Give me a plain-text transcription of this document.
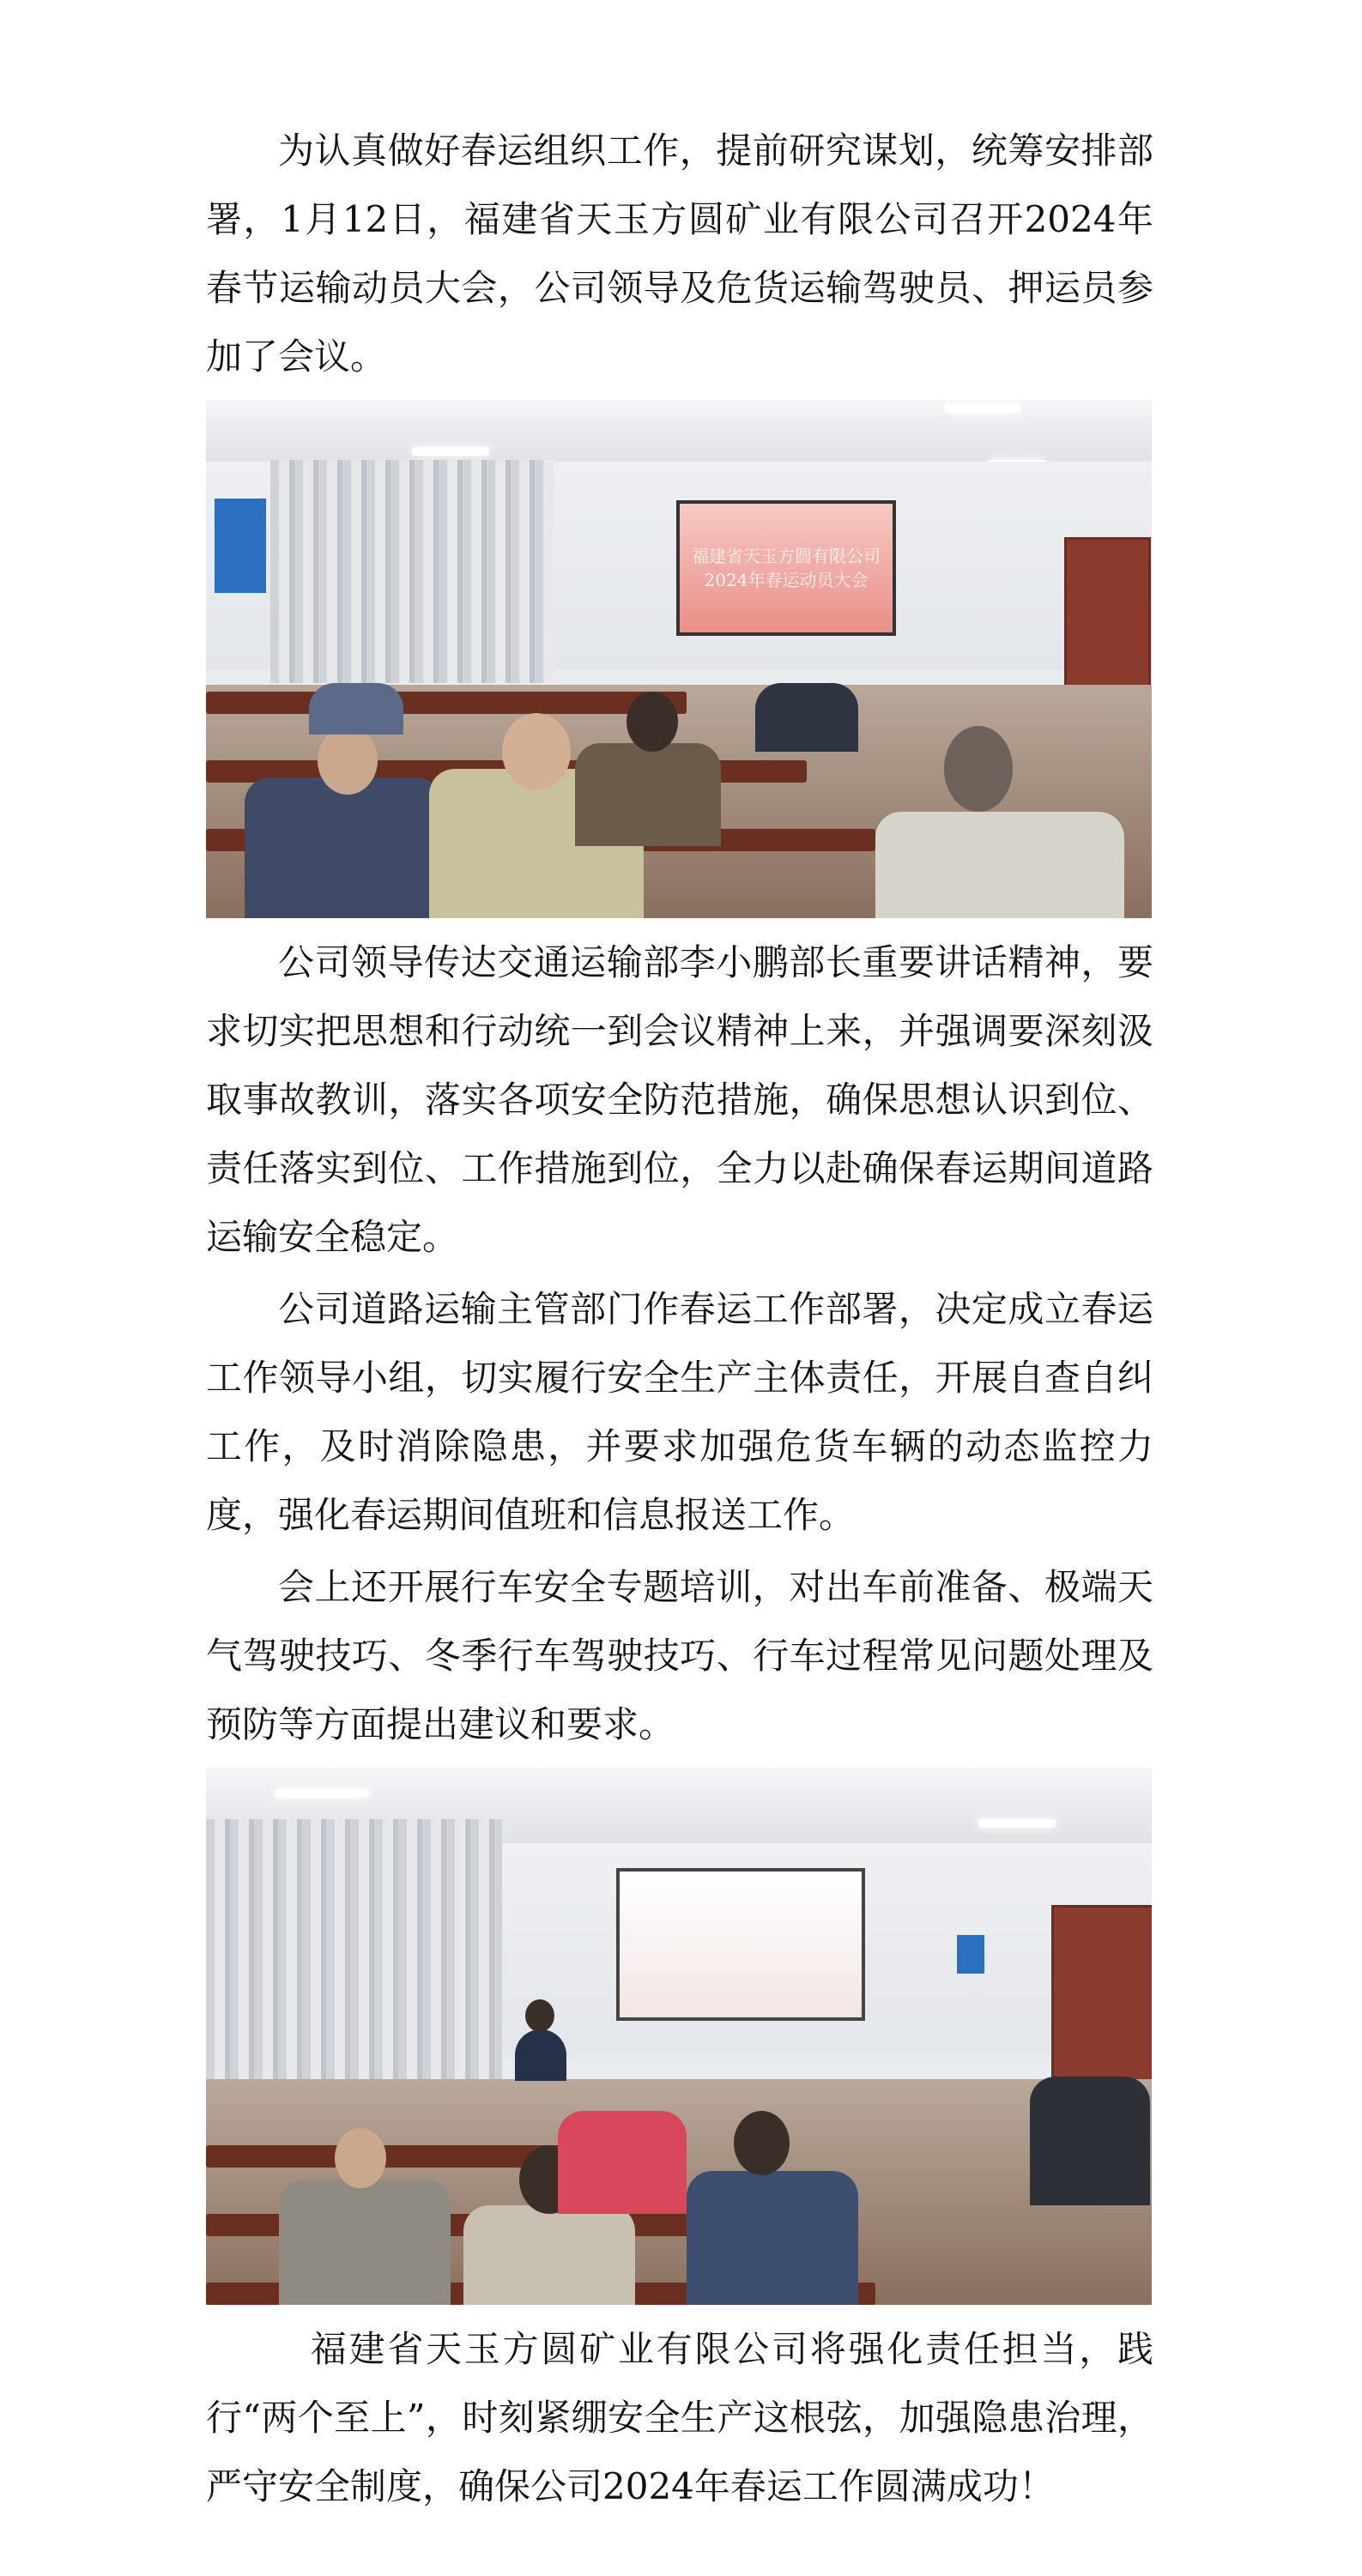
为认真做好春运组织工作，提前研究谋划，统筹安排部署，1月12日，福建省天玉方圆矿业有限公司召开2024年春节运输动员大会，公司领导及危货运输驾驶员、押运员参加了会议。

福建省天玉方圆有限公司
2024年春运动员大会

公司领导传达交通运输部李小鹏部长重要讲话精神，要求切实把思想和行动统一到会议精神上来，并强调要深刻汲取事故教训，落实各项安全防范措施，确保思想认识到位、责任落实到位、工作措施到位，全力以赴确保春运期间道路运输安全稳定。

公司道路运输主管部门作春运工作部署，决定成立春运工作领导小组，切实履行安全生产主体责任，开展自查自纠工作，及时消除隐患，并要求加强危货车辆的动态监控力度，强化春运期间值班和信息报送工作。

会上还开展行车安全专题培训，对出车前准备、极端天气驾驶技巧、冬季行车驾驶技巧、行车过程常见问题处理及预防等方面提出建议和要求。

福建省天玉方圆矿业有限公司将强化责任担当，践行“两个至上”，时刻紧绷安全生产这根弦，加强隐患治理，严守安全制度，确保公司2024年春运工作圆满成功！
